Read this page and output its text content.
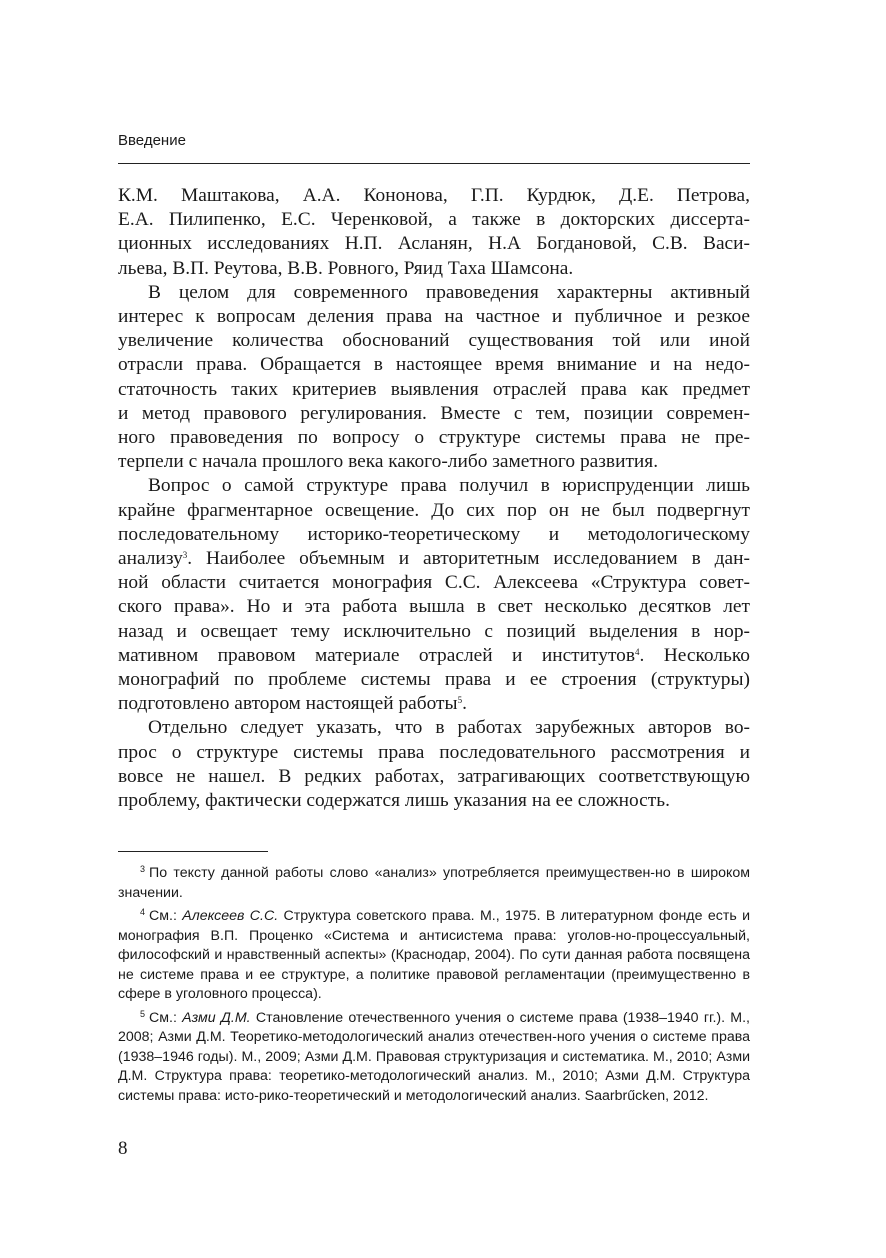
Введение
К.М. Маштакова, А.А. Кононова, Г.П. Курдюк, Д.Е. Петрова,
Е.А. Пилипенко, Е.С. Черенковой, а также в докторских диссерта-
ционных исследованиях Н.П. Асланян, Н.А Богдановой, С.В. Васи-
льева, В.П. Реутова, В.В. Ровного, Ряид Таха Шамсона.
В целом для современного правоведения характерны активный
интерес к вопросам деления права на частное и публичное и резкое
увеличение количества обоснований существования той или иной
отрасли права. Обращается в настоящее время внимание и на недо-
статочность таких критериев выявления отраслей права как предмет
и метод правового регулирования. Вместе с тем, позиции современ-
ного правоведения по вопросу о структуре системы права не пре-
терпели с начала прошлого века какого-либо заметного развития.
Вопрос о самой структуре права получил в юриспруденции лишь
крайне фрагментарное освещение. До сих пор он не был подвергнут
последовательному историко-теоретическому и методологическому
анализу$^3$. Наиболее объемным и авторитетным исследованием в дан-
ной области считается монография С.С. Алексеева «Структура совет-
ского права». Но и эта работа вышла в свет несколько десятков лет
назад и освещает тему исключительно с позиций выделения в нор-
мативном правовом материале отраслей и институтов$^4$. Несколько
монографий по проблеме системы права и ее строения (структуры)
подготовлено автором настоящей работы$^5$.
Отдельно следует указать, что в работах зарубежных авторов во-
прос о структуре системы права последовательного рассмотрения и
вовсе не нашел. В редких работах, затрагивающих соответствующую
проблему, фактически содержатся лишь указания на ее сложность.

$^3$ По тексту данной работы слово «анализ» употребляется преимуществен-но в широком значении.

$^4$ См.: Алексеев С.С. Структура советского права. М., 1975. В литературном фонде есть и монография В.П. Проценко «Система и антисистема права: уголов-но-процессуальный, философский и нравственный аспекты» (Краснодар, 2004). По сути данная работа посвящена не системе права и ее структуре, а политике правовой регламентации (преимущественно в сфере в уголовного процесса).

$^5$ См.: Азми Д.М. Становление отечественного учения о системе права (1938–1940 гг.). М., 2008; Азми Д.М. Теоретико-методологический анализ отечествен-ного учения о системе права (1938–1946 годы). М., 2009; Азми Д.М. Правовая структуризация и систематика. М., 2010; Азми Д.М. Структура права: теоретико-методологический анализ. М., 2010; Азми Д.М. Структура системы права: исто-рико-теоретический и методологический анализ. Saarbrűcken, 2012.

8
